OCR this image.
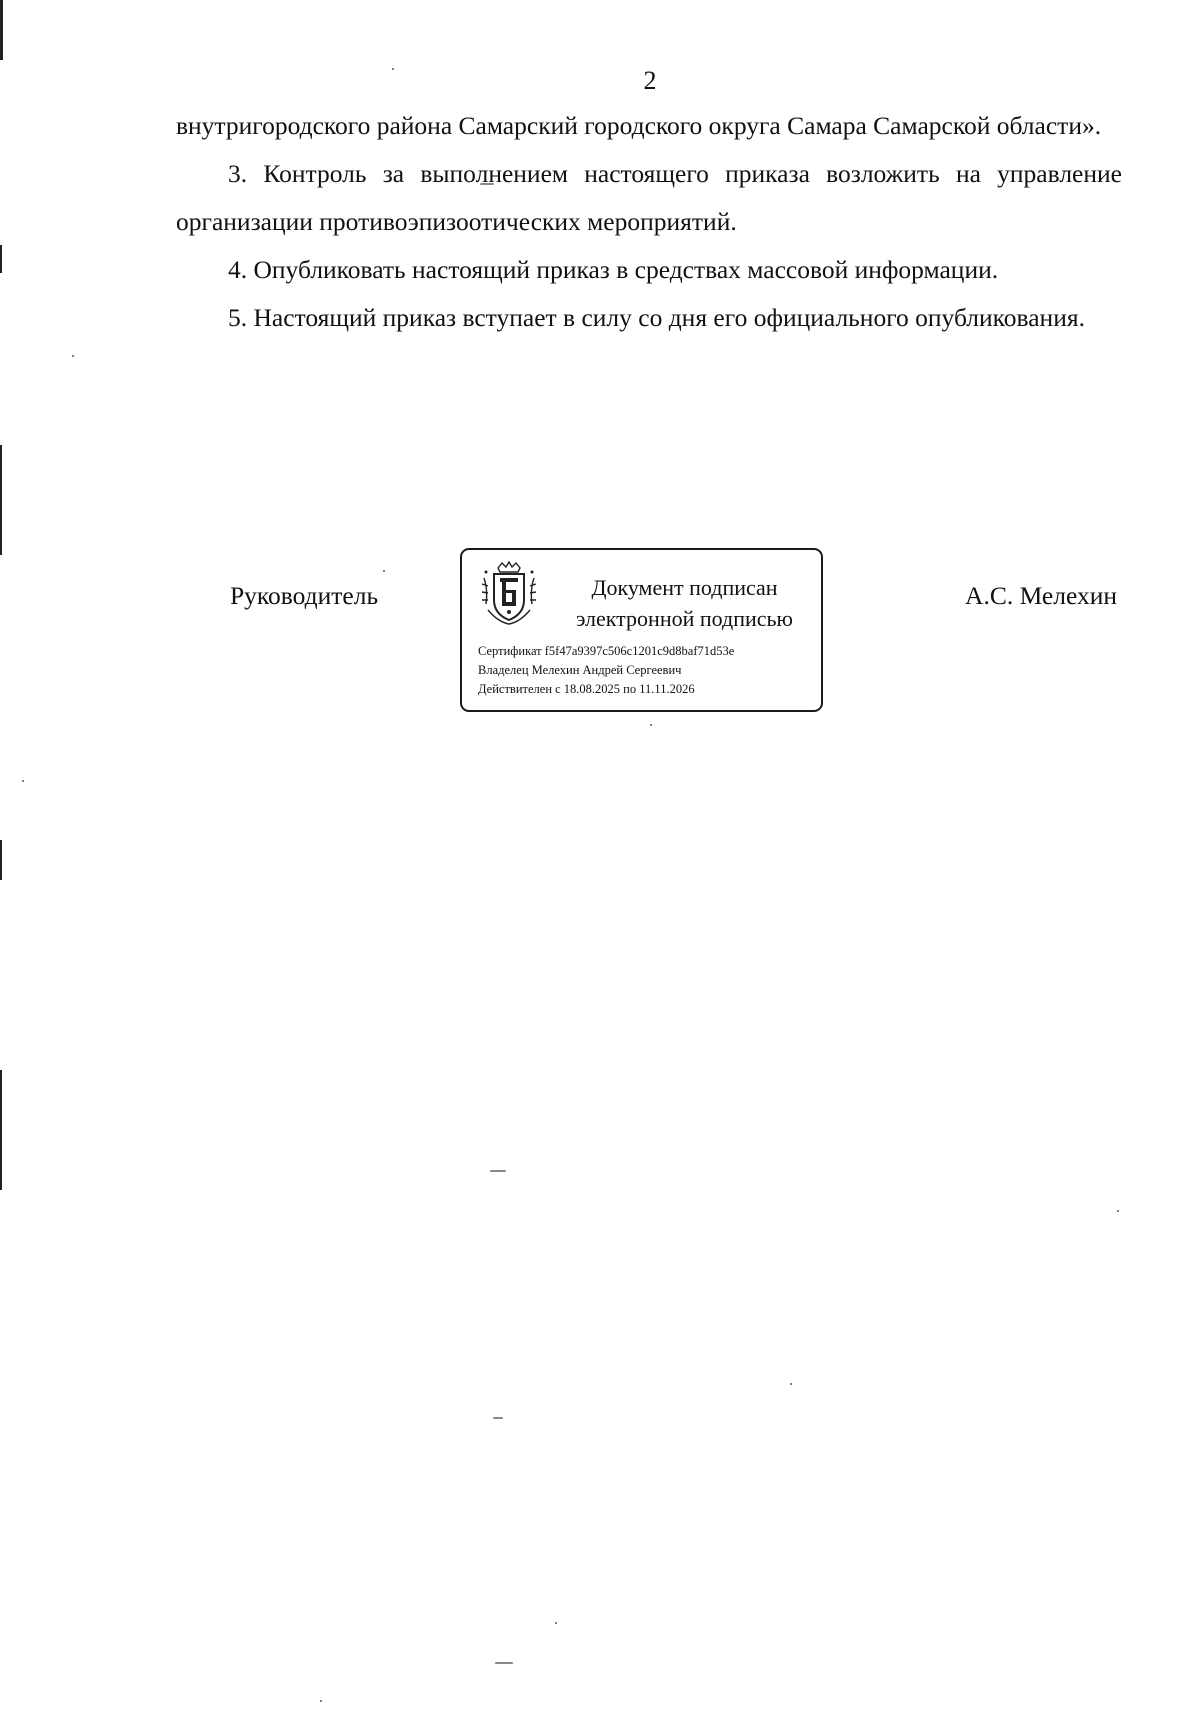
2

внутригородского района Самарский городского округа Самара Самарской области».

3. Контроль за выполнением настоящего приказа возложить на управление организации противоэпизоотических мероприятий.

4. Опубликовать настоящий приказ в средствах массовой информации.

5. Настоящий приказ вступает в силу со дня его официального опубликования.

Руководитель	Документ подписан
электронной подписью
Сертификат f5f47a9397c506c1201c9d8baf71d53e
Владелец Мелехин Андрей Сергеевич
Действителен с 18.08.2025 по 11.11.2026
А.С. Мелехин
